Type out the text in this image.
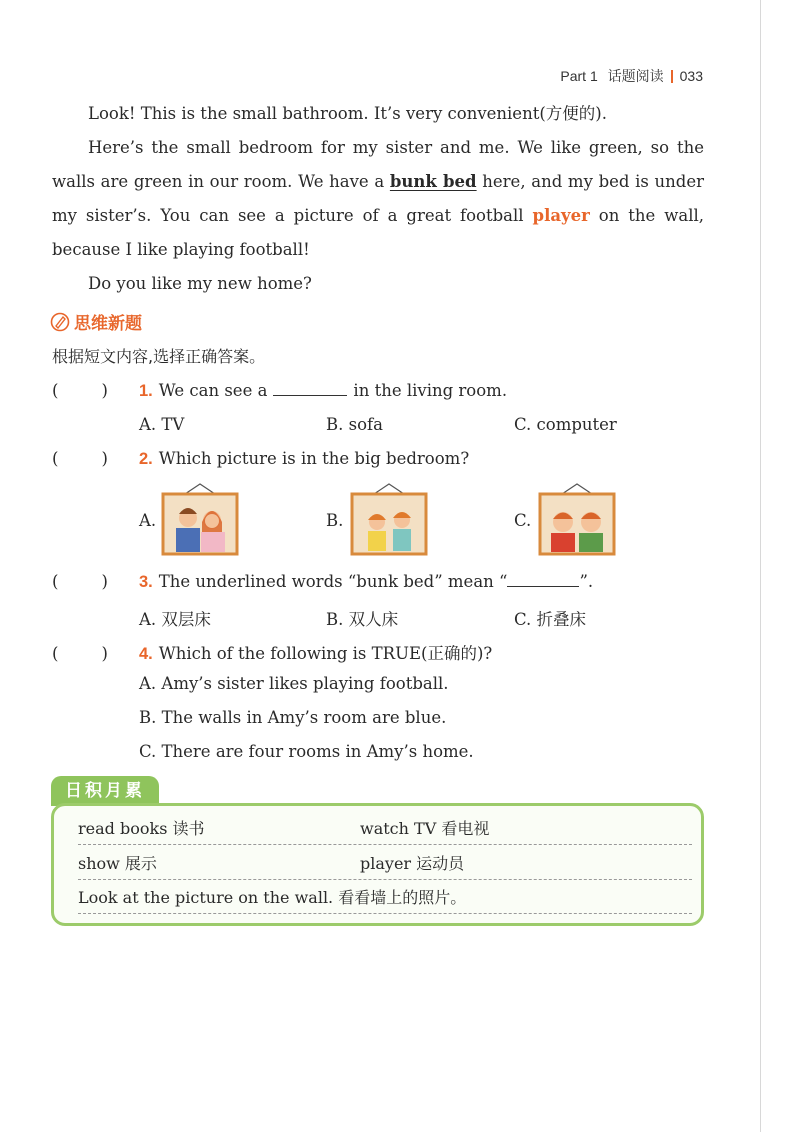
Part 1 话题阅读 033

Look! This is the small bathroom. It’s very convenient(方便的).

Here’s the small bedroom for my sister and me. We like green, so the walls are green in our room. We have a bunk bed here, and my bed is under my sister’s. You can see a picture of a great football player on the wall, because I like playing football!

Do you like my new home?

思维新题
根据短文内容,选择正确答案。
(	) 1. We can see a	in the living room.
A. TV	B. sofa	C. computer
(	) 2. Which picture is in the big bedroom?
A.	B.	C.
(	) 3. The underlined words “bunk bed” mean “	”.
A. 双层床	B. 双人床	C. 折叠床
(	) 4. Which of the following is TRUE(正确的)?
A. Amy’s sister likes playing football.
B. The walls in Amy’s room are blue.
C. There are four rooms in Amy’s home.
日积月累
read books 读书	watch TV 看电视
show 展示	player 运动员
Look at the picture on the wall. 看看墙上的照片。
